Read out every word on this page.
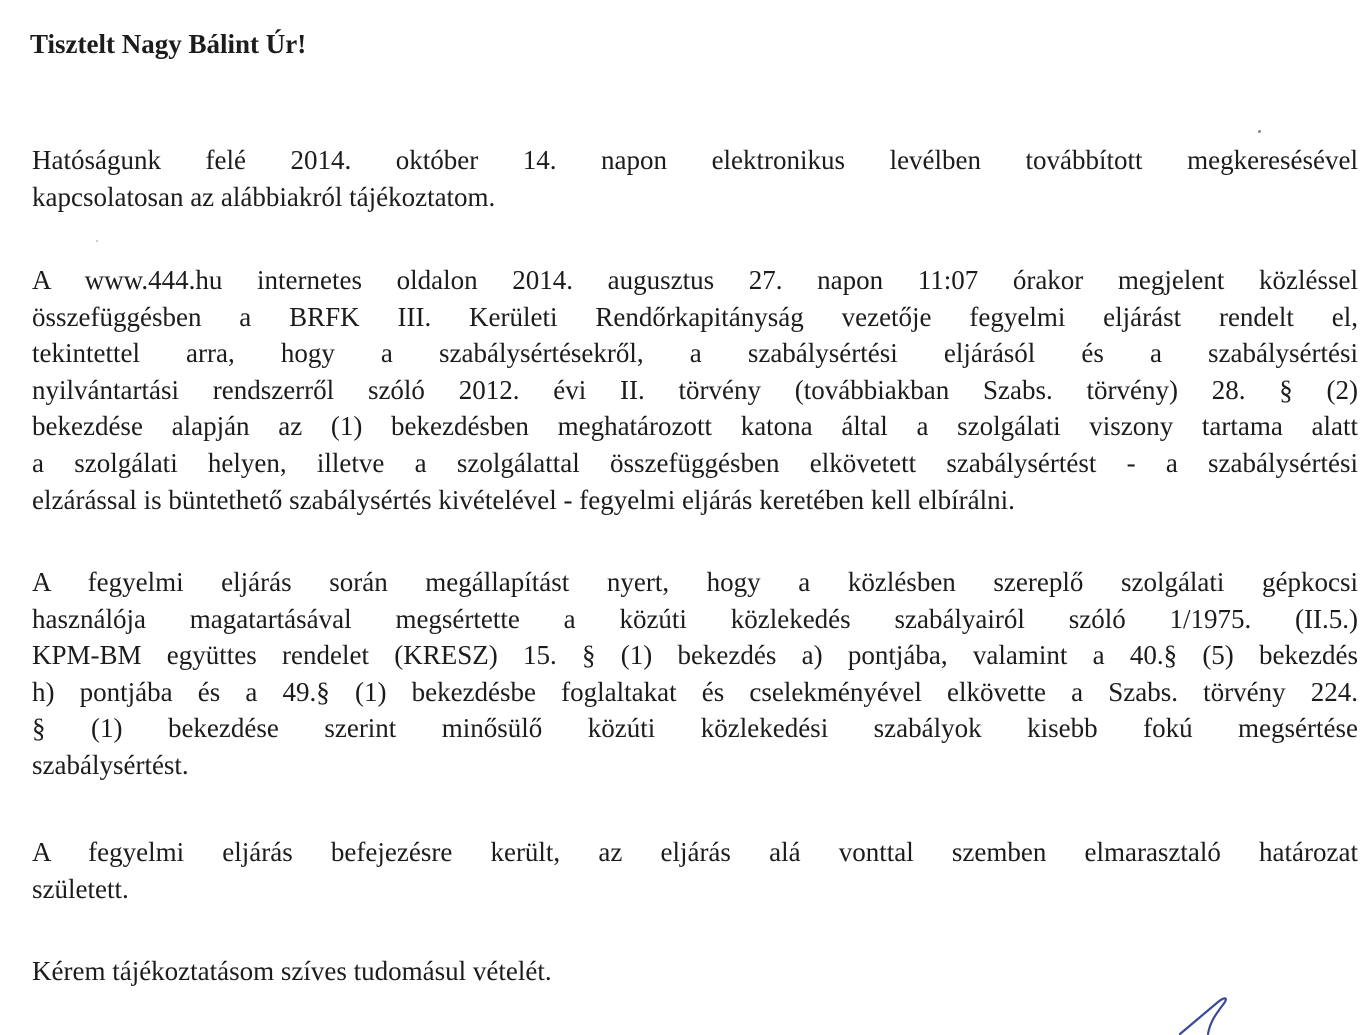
Tisztelt Nagy Bálint Úr!

Hatóságunk felé 2014. október 14. napon elektronikus levélben továbbított megkeresésével
kapcsolatosan az alábbiakról tájékoztatom.

A www.444.hu internetes oldalon 2014. augusztus 27. napon 11:07 órakor megjelent közléssel
összefüggésben a BRFK III. Kerületi Rendőrkapitányság vezetője fegyelmi eljárást rendelt el,
tekintettel arra, hogy a szabálysértésekről, a szabálysértési eljárásól és a szabálysértési
nyilvántartási rendszerről szóló 2012. évi II. törvény (továbbiakban Szabs. törvény) 28. § (2)
bekezdése alapján az (1) bekezdésben meghatározott katona által a szolgálati viszony tartama alatt
a szolgálati helyen, illetve a szolgálattal összefüggésben elkövetett szabálysértést - a szabálysértési
elzárással is büntethető szabálysértés kivételével - fegyelmi eljárás keretében kell elbírálni.

A fegyelmi eljárás során megállapítást nyert, hogy a közlésben szereplő szolgálati gépkocsi
használója magatartásával megsértette a közúti közlekedés szabályairól szóló 1/1975. (II.5.)
KPM-BM együttes rendelet (KRESZ) 15. § (1) bekezdés a) pontjába, valamint a 40.§ (5) bekezdés
h) pontjába és a 49.§ (1) bekezdésbe foglaltakat és cselekményével elkövette a Szabs. törvény 224.
§ (1) bekezdése szerint minősülő közúti közlekedési szabályok kisebb fokú megsértése
szabálysértést.

A fegyelmi eljárás befejezésre került, az eljárás alá vonttal szemben elmarasztaló határozat
született.

Kérem tájékoztatásom szíves tudomásul vételét.
